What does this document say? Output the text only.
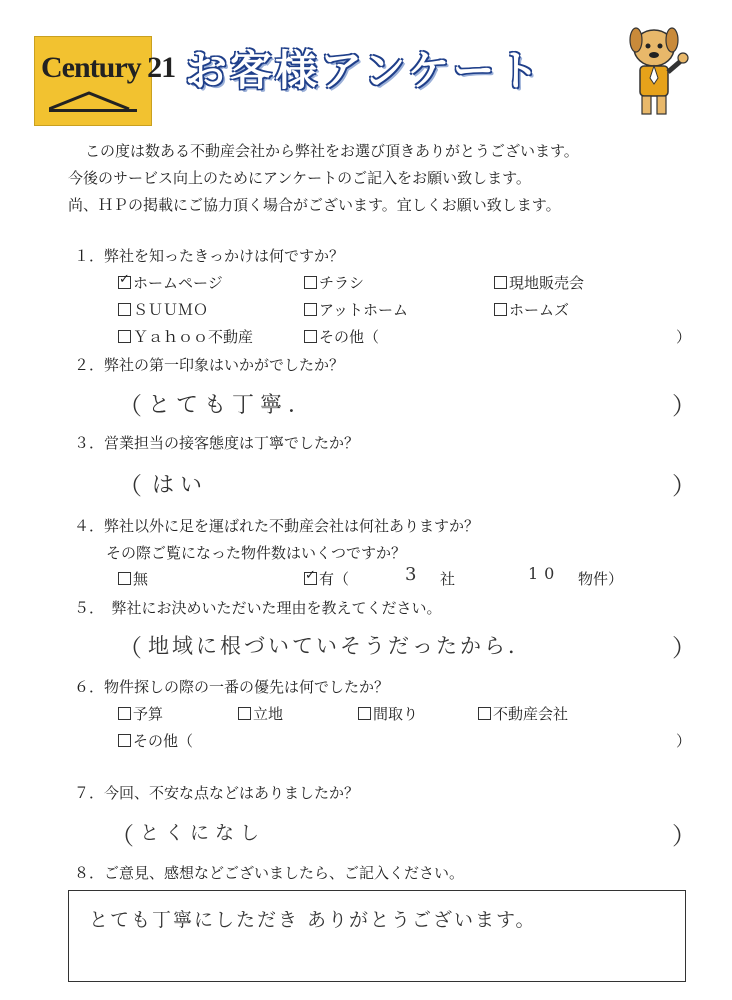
Century 21 お客様アンケート
この度は数ある不動産会社から弊社をお選び頂きありがとうございます。
今後のサービス向上のためにアンケートのご記入をお願い致します。
尚、ＨＰの掲載にご協力頂く場合がございます。宜しくお願い致します。
１．弊社を知ったきっかけは何ですか？
✓ホームページ	チラシ	現地販売会
ＳＵＵＭＯ	アットホーム	ホームズ
Ｙａｈｏｏ不動産	その他（	）
２．弊社の第一印象はいかがでしたか？
（ とても丁寧．	）
３．営業担当の接客態度は丁寧でしたか？
（ はい	）
４．弊社以外に足を運ばれた不動産会社は何社ありますか？
その際ご覧になった物件数はいくつですか？
無
✓	有（	3 社	10 物件）
５．　弊社にお決めいただいた理由を教えてください。
（ 地域に根づいていそうだったから．	）
６．物件探しの際の一番の優先は何でしたか？
予算	立地	間取り	不動産会社
その他（	）
７．今回、不安な点などはありましたか？
（ とくになし	）
８．ご意見、感想などございましたら、ご記入ください。
とても丁寧にしただき ありがとうございます。
